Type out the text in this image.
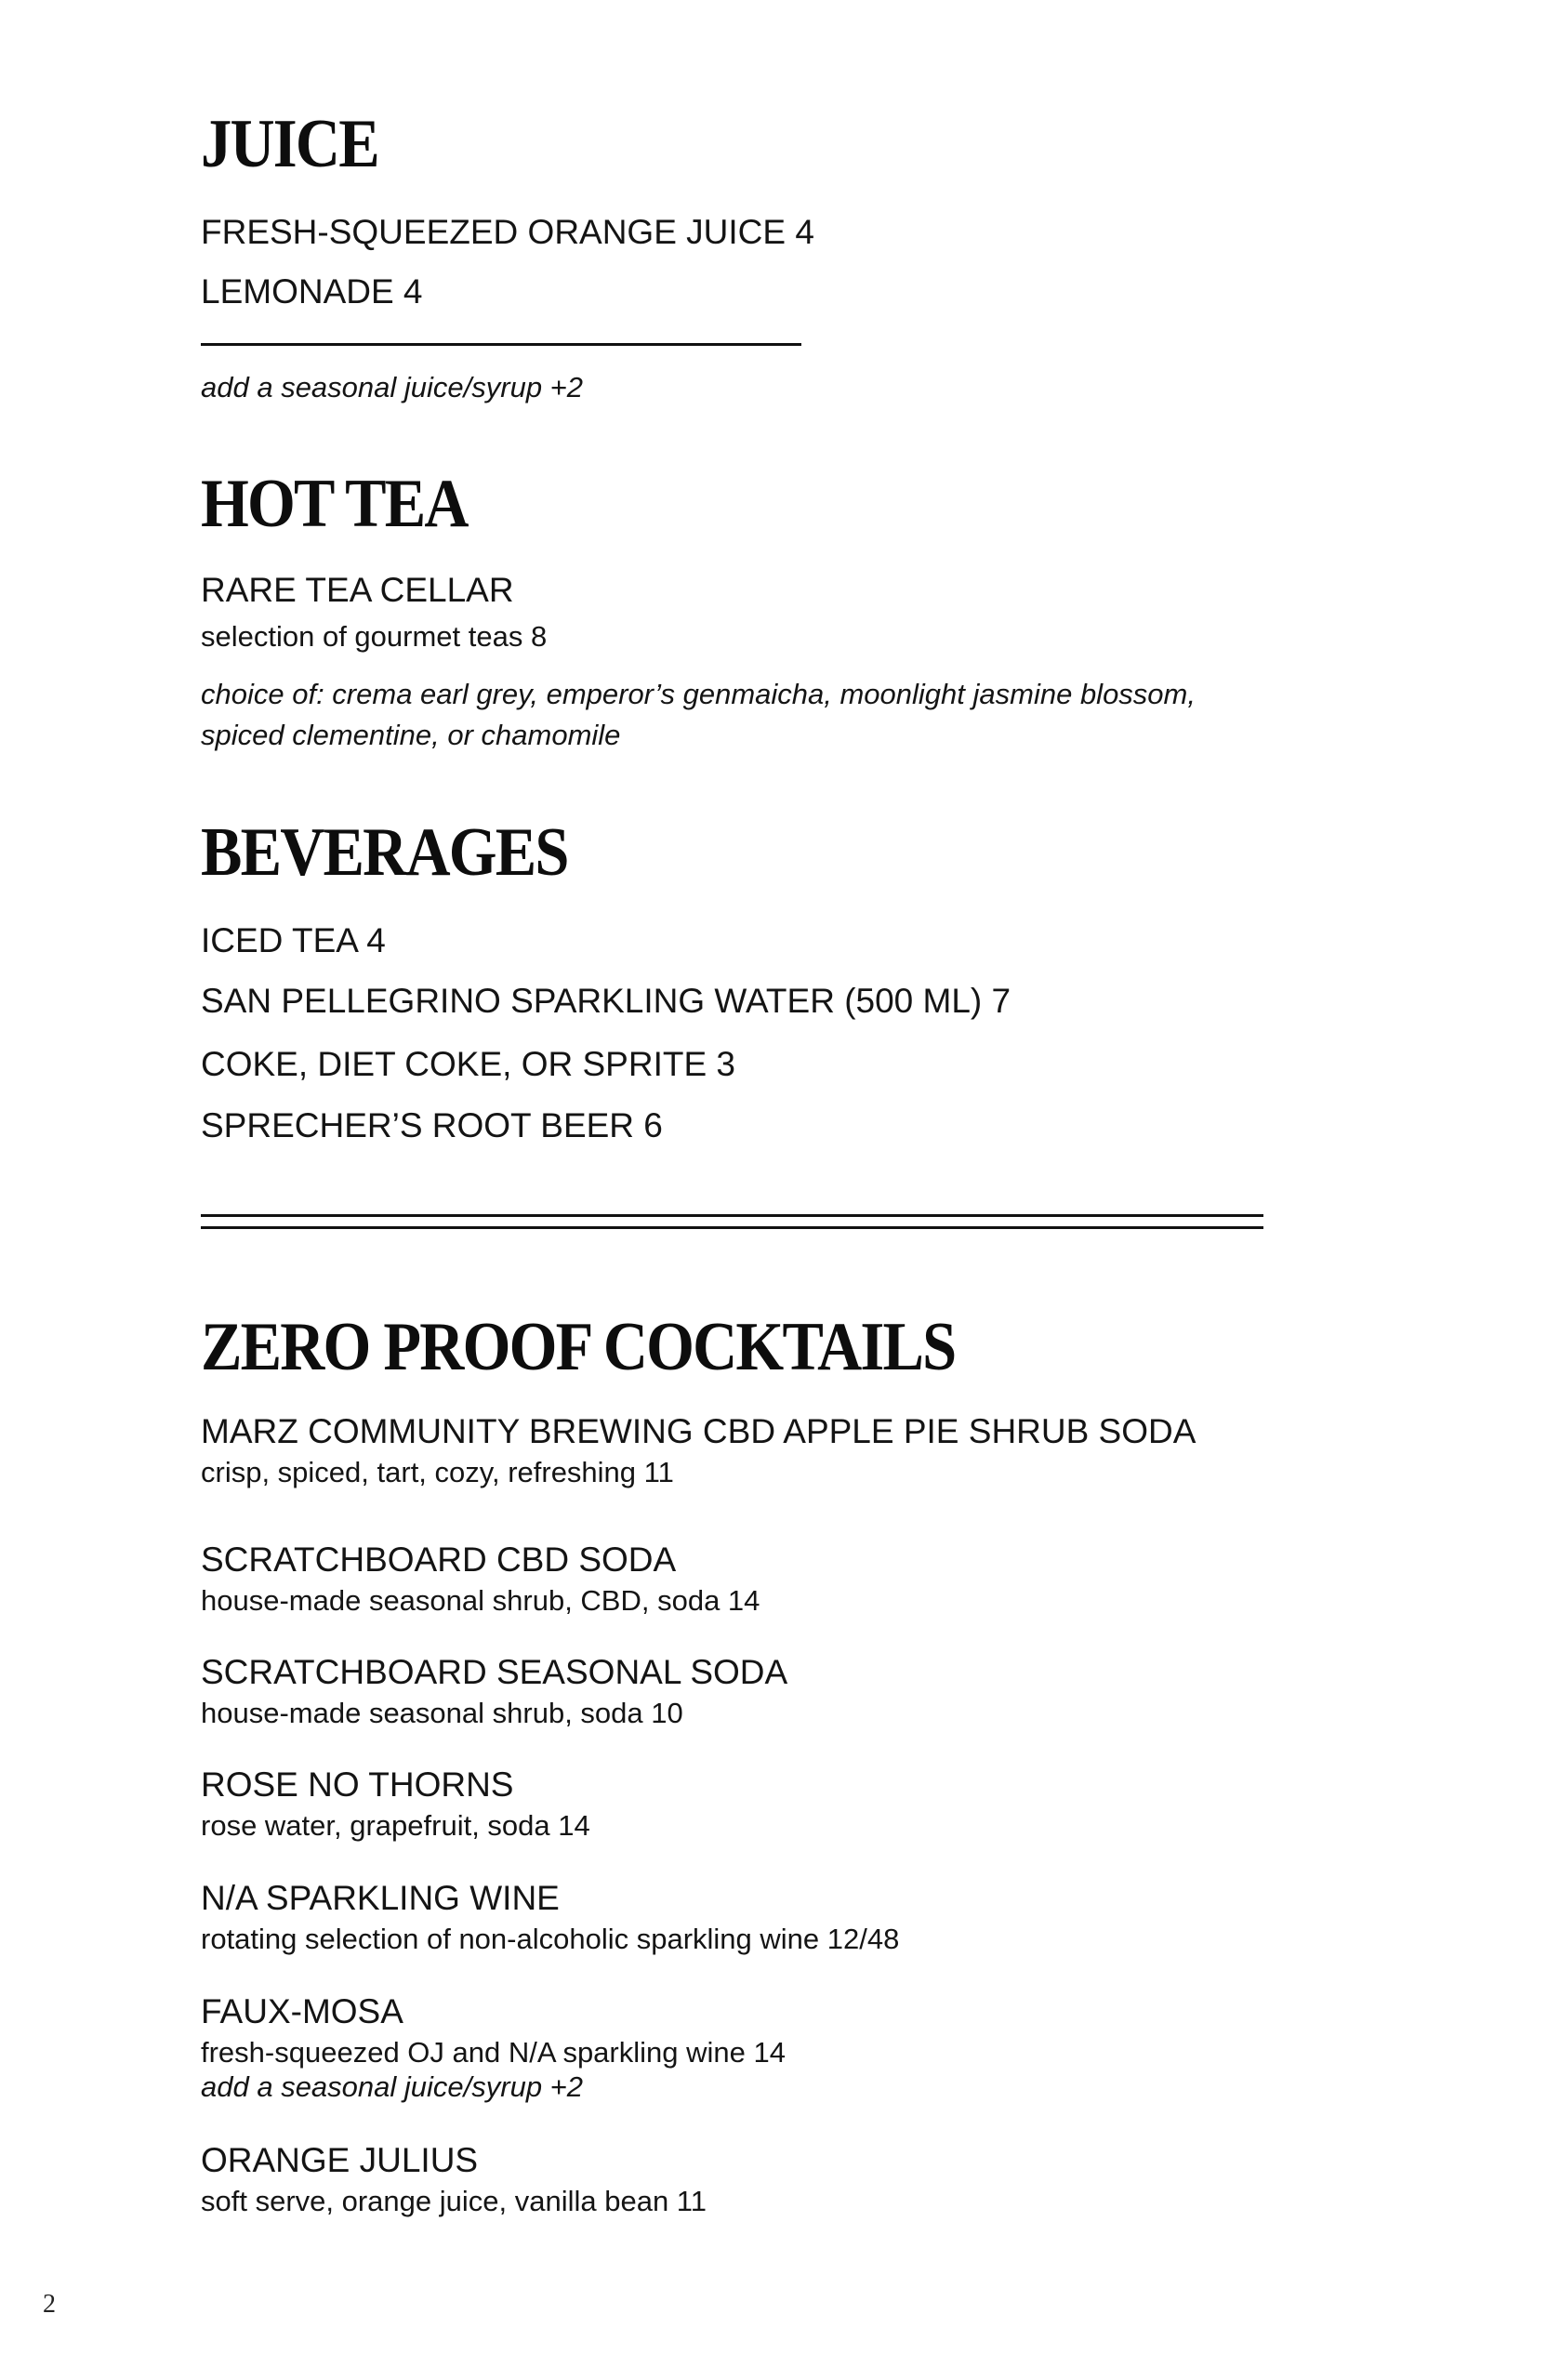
JUICE
FRESH-SQUEEZED ORANGE JUICE 4
LEMONADE 4
add a seasonal juice/syrup +2
HOT TEA
RARE TEA CELLAR
selection of gourmet teas 8
choice of: crema earl grey, emperor’s genmaicha, moonlight jasmine blossom,
spiced clementine, or chamomile
BEVERAGES
ICED TEA 4
SAN PELLEGRINO SPARKLING WATER (500 ML) 7
COKE, DIET COKE, OR SPRITE 3
SPRECHER’S ROOT BEER 6
ZERO PROOF COCKTAILS
MARZ COMMUNITY BREWING CBD APPLE PIE SHRUB SODA
crisp, spiced, tart, cozy, refreshing 11
SCRATCHBOARD CBD SODA
house-made seasonal shrub, CBD, soda 14
SCRATCHBOARD SEASONAL SODA
house-made seasonal shrub, soda 10
ROSE NO THORNS
rose water, grapefruit, soda 14
N/A SPARKLING WINE
rotating selection of non-alcoholic sparkling wine 12/48
FAUX-MOSA
fresh-squeezed OJ and N/A sparkling wine 14
add a seasonal juice/syrup +2
ORANGE JULIUS
soft serve, orange juice, vanilla bean 11
2
